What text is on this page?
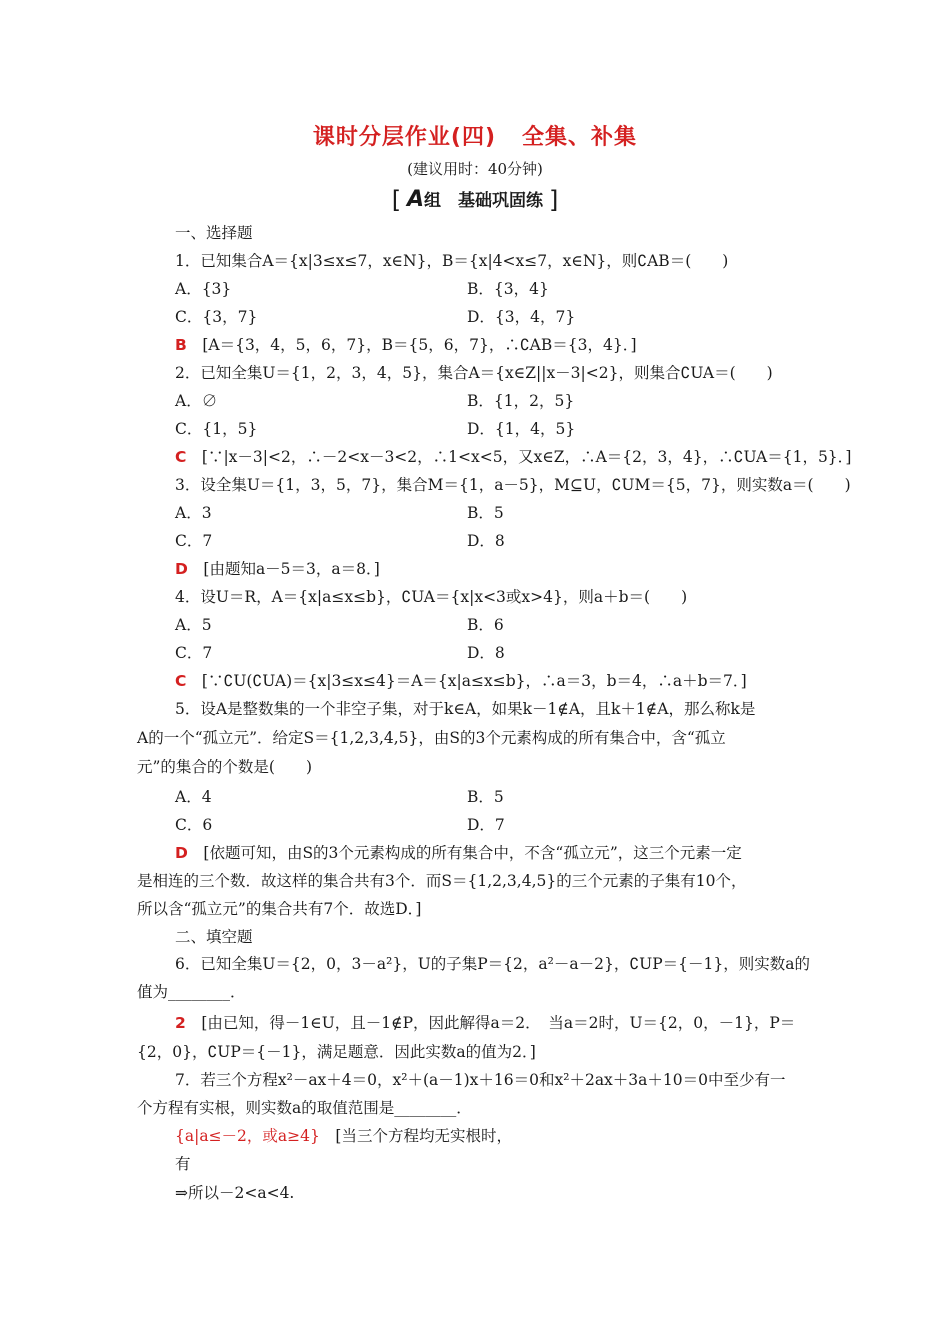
课时分层作业(四) 全集、补集
(建议用时：40分钟)
[ A组　基础巩固练 ]
一、选择题
1．已知集合A＝{x|3≤x≤7，x∈N}，B＝{x|4<x≤7，x∈N}，则∁AB＝(　　)
A．{3}	B．{3，4}
C．{3，7}	D．{3，4，7}
B　 [A＝{3，4，5，6，7}，B＝{5，6，7}，∴∁AB＝{3，4}．]
2．已知全集U＝{1，2，3，4，5}，集合A＝{x∈Z||x－3|<2}，则集合∁UA＝(　　)
A．∅	B．{1，2，5}
C．{1，5}	D．{1，4，5}
C　 [∵|x－3|<2，∴－2<x－3<2，∴1<x<5，又x∈Z，∴A＝{2，3，4}，∴∁UA＝{1，5}．]
3．设全集U＝{1，3，5，7}，集合M＝{1，a－5}，M⊆U，∁UM＝{5，7}，则实数a＝(　　)
A．3	B．5
C．7	D．8
D　 [由题知a－5＝3，a＝8．]
4．设U＝R，A＝{x|a≤x≤b}，∁UA＝{x|x<3或x>4}，则a＋b＝(　　)
A．5	B．6
C．7	D．8
C　 [∵∁U(∁UA)＝{x|3≤x≤4}＝A＝{x|a≤x≤b}，∴a＝3，b＝4，∴a＋b＝7．]
5．设A是整数集的一个非空子集，对于k∈A，如果k－1∉A，且k＋1∉A，那么称k是
A的一个“孤立元”．给定S＝{1,2,3,4,5}，由S的3个元素构成的所有集合中，含“孤立
元”的集合的个数是(　　)
A．4	B．5
C．6	D．7
D　 [依题可知，由S的3个元素构成的所有集合中，不含“孤立元”，这三个元素一定
是相连的三个数．故这样的集合共有3个．而S＝{1,2,3,4,5}的三个元素的子集有10个，
所以含“孤立元”的集合共有7个．故选D．]
二、填空题
6．已知全集U＝{2，0，3－a²}，U的子集P＝{2，a²－a－2}，∁UP＝{－1}，则实数a的
值为________．
2　 [由已知，得－1∈U，且－1∉P，因此解得a＝2．　当a＝2时，U＝{2，0，－1}，P＝
{2，0}，∁UP＝{－1}，满足题意．因此实数a的值为2．]
7．若三个方程x²－ax＋4＝0，x²＋(a－1)x＋16＝0和x²＋2ax＋3a＋10＝0中至少有一
个方程有实根，则实数a的取值范围是________．
{a|a≤－2，或a≥4}　 [当三个方程均无实根时，
有
⇒所以－2<a<4.
